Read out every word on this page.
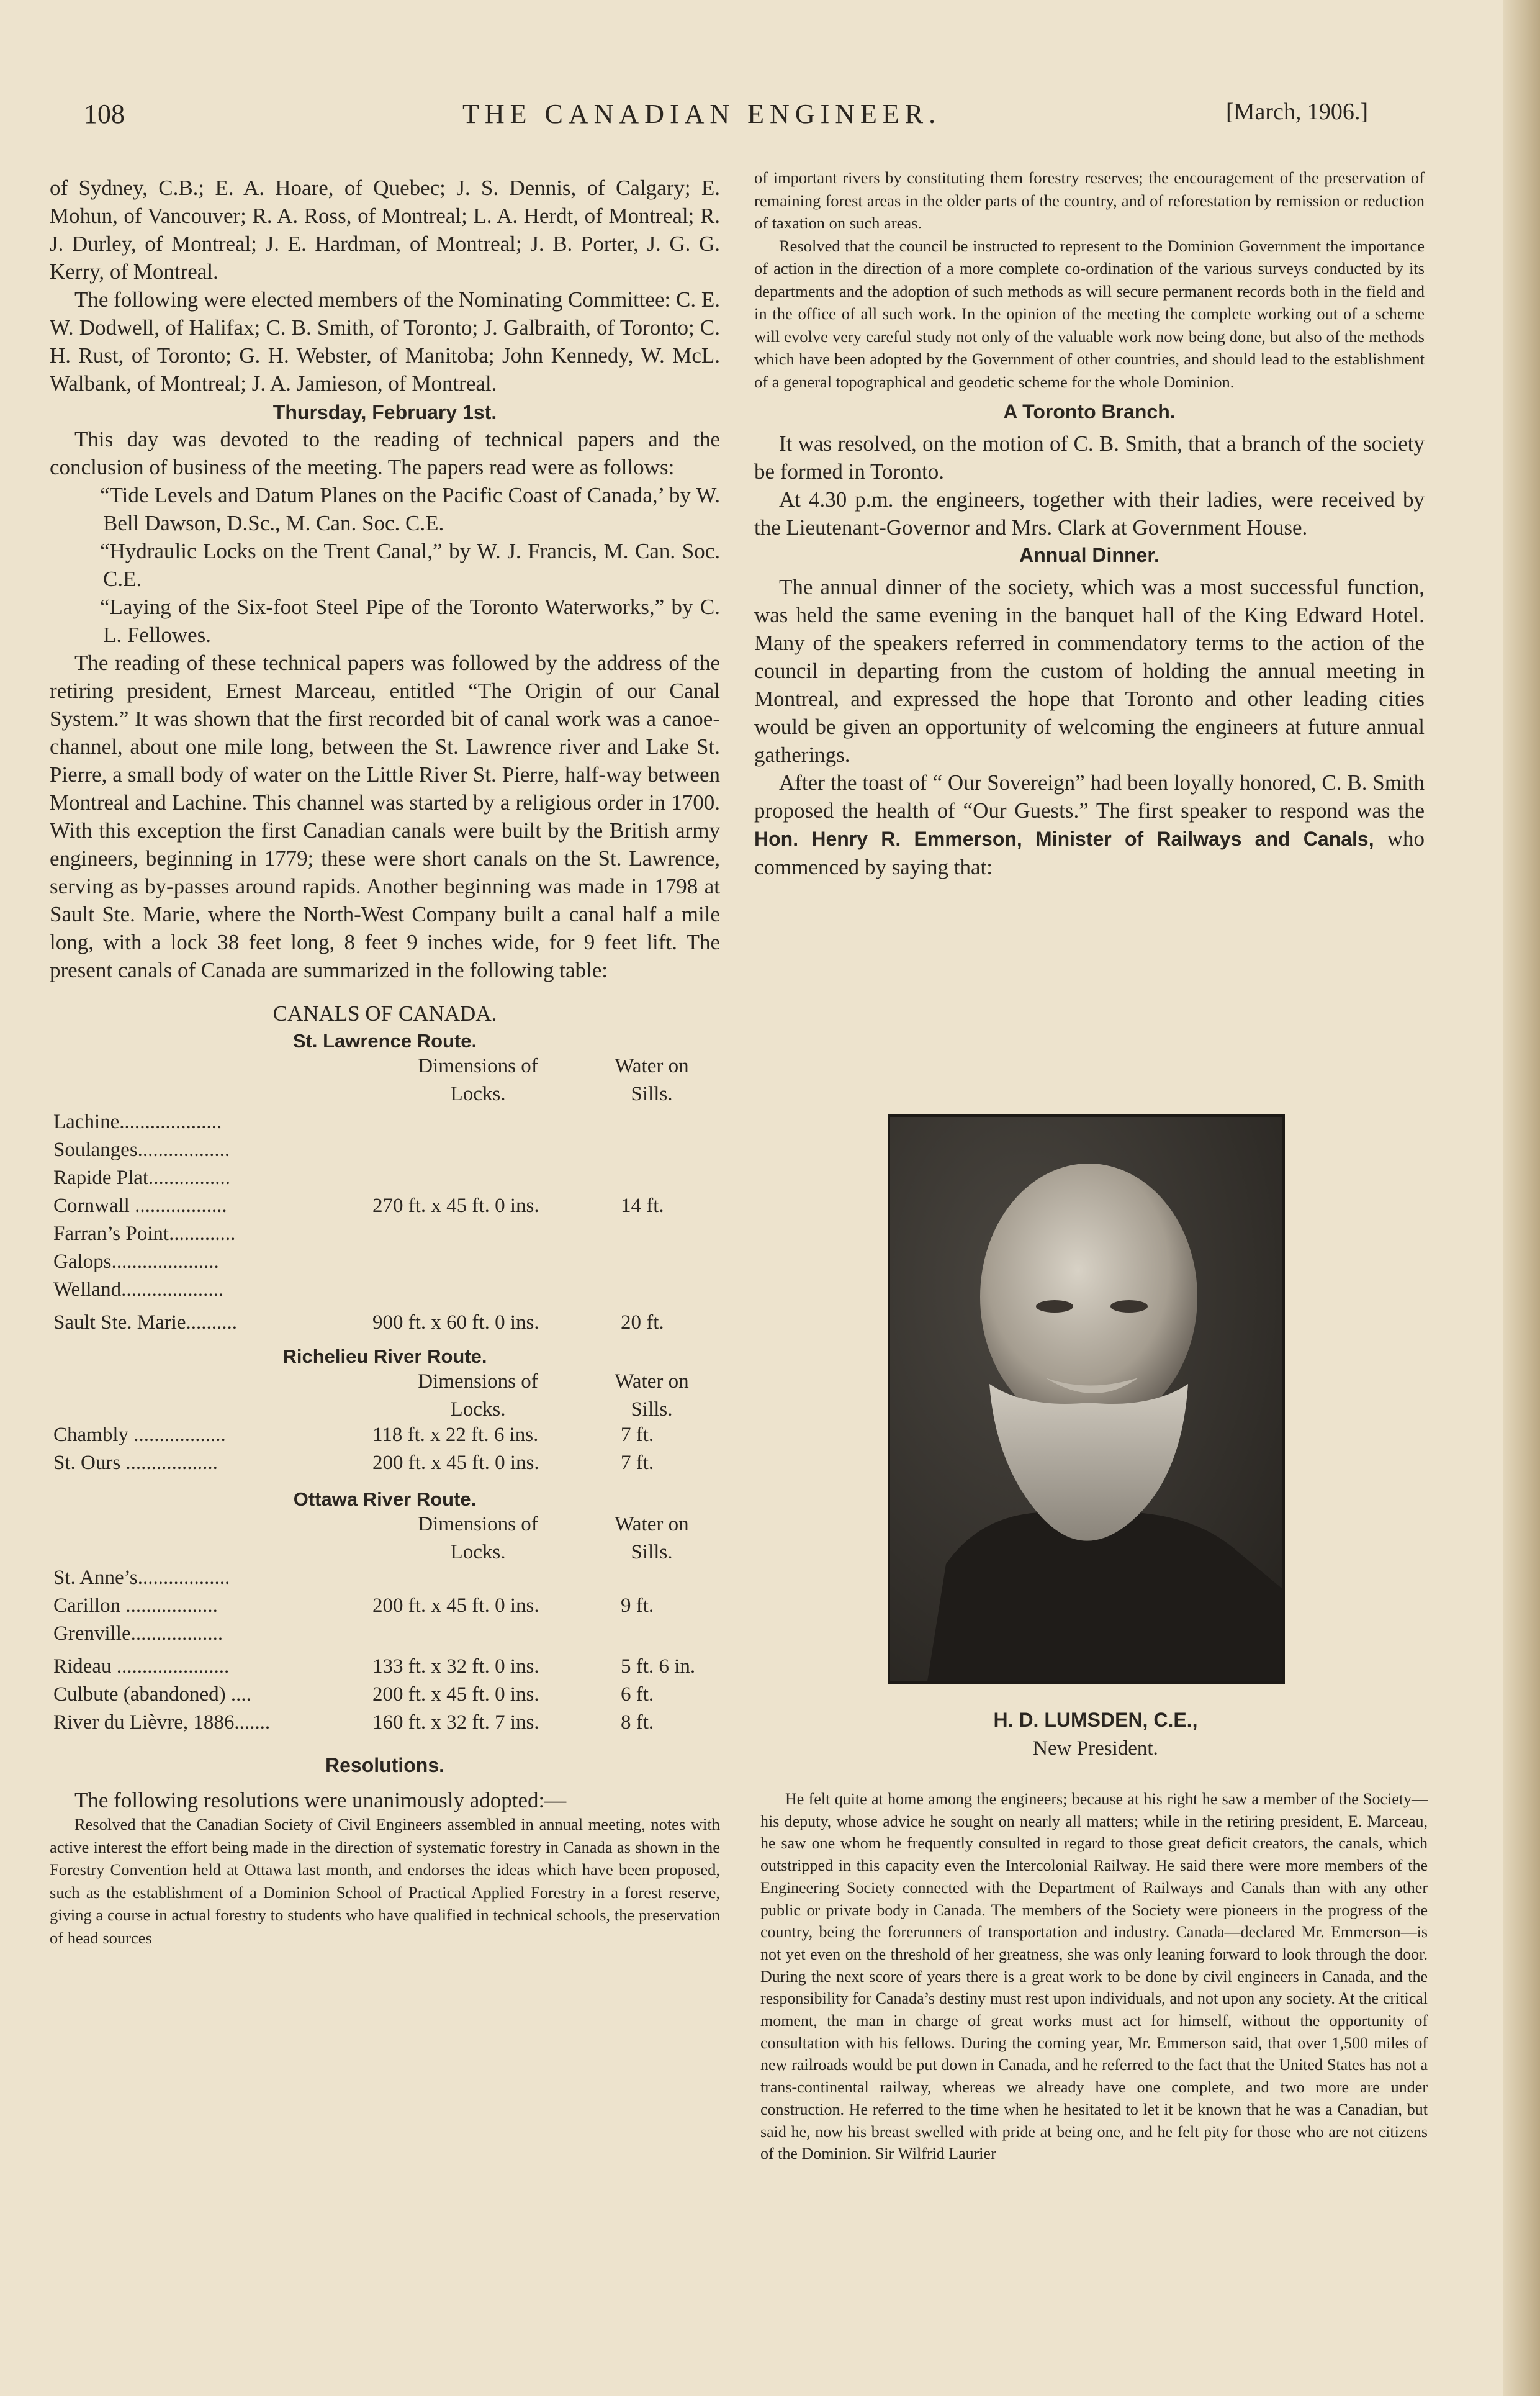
108	THE CANADIAN ENGINEER.	[March, 1906.]

of Sydney, C.B.; E. A. Hoare, of Quebec; J. S. Dennis, of Calgary; E. Mohun, of Vancouver; R. A. Ross, of Montreal; L. A. Herdt, of Montreal; R. J. Durley, of Montreal; J. E. Hardman, of Montreal; J. B. Porter, J. G. G. Kerry, of Montreal.

The following were elected members of the Nominating Committee: C. E. W. Dodwell, of Halifax; C. B. Smith, of Toronto; J. Galbraith, of Toronto; C. H. Rust, of Toronto; G. H. Webster, of Manitoba; John Kennedy, W. McL. Walbank, of Montreal; J. A. Jamieson, of Montreal.

Thursday, February 1st.

This day was devoted to the reading of technical papers and the conclusion of business of the meeting. The papers read were as follows:

“Tide Levels and Datum Planes on the Pacific Coast of Canada,’ by W. Bell Dawson, D.Sc., M. Can. Soc. C.E.

“Hydraulic Locks on the Trent Canal,” by W. J. Francis, M. Can. Soc. C.E.

“Laying of the Six-foot Steel Pipe of the Toronto Waterworks,” by C. L. Fellowes.

The reading of these technical papers was followed by the address of the retiring president, Ernest Marceau, entitled “The Origin of our Canal System.” It was shown that the first recorded bit of canal work was a canoe-channel, about one mile long, between the St. Lawrence river and Lake St. Pierre, a small body of water on the Little River St. Pierre, half-way between Montreal and Lachine. This channel was started by a religious order in 1700. With this exception the first Canadian canals were built by the British army engineers, beginning in 1779; these were short canals on the St. Lawrence, serving as by-passes around rapids. Another beginning was made in 1798 at Sault Ste. Marie, where the North-West Company built a canal half a mile long, with a lock 38 feet long, 8 feet 9 inches wide, for 9 feet lift. The present canals of Canada are summarized in the following table:

CANALS OF CANADA.
St. Lawrence Route.
Dimensions of Locks.
Water on Sills.
Lachine....................
Soulanges..................
Rapide Plat................
Cornwall ..................	270 ft. x 45 ft. 0 ins.	14 ft.
Farran’s Point.............
Galops.....................
Welland....................
Sault Ste. Marie..........	900 ft. x 60 ft. 0 ins.	20 ft.
Richelieu River Route.
Dimensions of Locks.
Water on Sills.
Chambly ..................	118 ft. x 22 ft. 6 ins.	7 ft.
St. Ours ..................	200 ft. x 45 ft. 0 ins.	7 ft.
Ottawa River Route.
Dimensions of Locks.
Water on Sills.
St. Anne’s..................
Carillon ..................	200 ft. x 45 ft. 0 ins.	9 ft.
Grenville..................
Rideau ......................	133 ft. x 32 ft. 0 ins.	5 ft. 6 in.
Culbute (abandoned) ....	200 ft. x 45 ft. 0 ins.	6 ft.
River du Lièvre, 1886.......	160 ft. x 32 ft. 7 ins.	8 ft.
Resolutions.

The following resolutions were unanimously adopted:—

Resolved that the Canadian Society of Civil Engineers assembled in annual meeting, notes with active interest the effort being made in the direction of systematic forestry in Canada as shown in the Forestry Convention held at Ottawa last month, and endorses the ideas which have been proposed, such as the establishment of a Dominion School of Practical Applied Forestry in a forest reserve, giving a course in actual forestry to students who have qualified in technical schools, the preservation of head sources

of important rivers by constituting them forestry reserves; the encouragement of the preservation of remaining forest areas in the older parts of the country, and of reforestation by remission or reduction of taxation on such areas.

Resolved that the council be instructed to represent to the Dominion Government the importance of action in the direction of a more complete co-ordination of the various surveys conducted by its departments and the adoption of such methods as will secure permanent records both in the field and in the office of all such work. In the opinion of the meeting the complete working out of a scheme will evolve very careful study not only of the valuable work now being done, but also of the methods which have been adopted by the Government of other countries, and should lead to the establishment of a general topographical and geodetic scheme for the whole Dominion.

A Toronto Branch.

It was resolved, on the motion of C. B. Smith, that a branch of the society be formed in Toronto.

At 4.30 p.m. the engineers, together with their ladies, were received by the Lieutenant-Governor and Mrs. Clark at Government House.

Annual Dinner.

The annual dinner of the society, which was a most successful function, was held the same evening in the banquet hall of the King Edward Hotel. Many of the speakers referred in commendatory terms to the action of the council in departing from the custom of holding the annual meeting in Montreal, and expressed the hope that Toronto and other leading cities would be given an opportunity of welcoming the engineers at future annual gatherings.

After the toast of “ Our Sovereign” had been loyally honored, C. B. Smith proposed the health of “Our Guests.” The first speaker to respond was the Hon. Henry R. Emmerson, Minister of Railways and Canals, who commenced by saying that:

H. D. LUMSDEN, C.E.,
New President.

He felt quite at home among the engineers; because at his right he saw a member of the Society—his deputy, whose advice he sought on nearly all matters; while in the retiring president, E. Marceau, he saw one whom he frequently consulted in regard to those great deficit creators, the canals, which outstripped in this capacity even the Intercolonial Railway. He said there were more members of the Engineering Society connected with the Department of Railways and Canals than with any other public or private body in Canada. The members of the Society were pioneers in the progress of the country, being the forerunners of transportation and industry. Canada—declared Mr. Emmerson—is not yet even on the threshold of her greatness, she was only leaning forward to look through the door. During the next score of years there is a great work to be done by civil engineers in Canada, and the responsibility for Canada’s destiny must rest upon individuals, and not upon any society. At the critical moment, the man in charge of great works must act for himself, without the opportunity of consultation with his fellows. During the coming year, Mr. Emmerson said, that over 1,500 miles of new railroads would be put down in Canada, and he referred to the fact that the United States has not a trans-continental railway, whereas we already have one complete, and two more are under construction. He referred to the time when he hesitated to let it be known that he was a Canadian, but said he, now his breast swelled with pride at being one, and he felt pity for those who are not citizens of the Dominion. Sir Wilfrid Laurier
